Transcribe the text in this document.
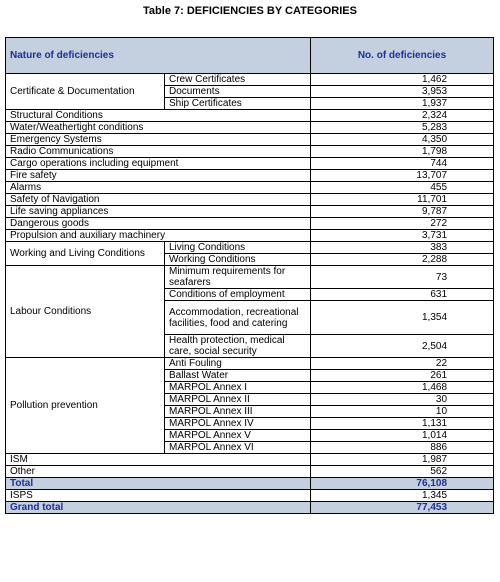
Table 7: DEFICIENCIES BY CATEGORIES
Nature of deficiencies		No. of deficiencies
Certificate & Documentation	Crew Certificates	1,462
	Documents	3,953
	Ship Certificates	1,937
Structural Conditions		2,324
Water/Weathertight conditions		5,283
Emergency Systems		4,350
Radio Communications		1,798
Cargo operations including equipment		744
Fire safety		13,707
Alarms		455
Safety of Navigation		11,701
Life saving appliances		9,787
Dangerous goods		272
Propulsion and auxiliary machinery		3,731
Working and Living Conditions	Living Conditions	383
	Working Conditions	2,288
Labour Conditions	Minimum requirements for seafarers	73
	Conditions of employment	631
	Accommodation, recreational facilities, food and catering	1,354
	Health protection, medical care, social security	2,504
Pollution prevention	Anti Fouling	22
	Ballast Water	261
	MARPOL Annex I	1,468
	MARPOL Annex II	30
	MARPOL Annex III	10
	MARPOL Annex IV	1,131
	MARPOL Annex V	1,014
	MARPOL Annex VI	886
ISM		1,987
Other		562
Total		76,108
ISPS		1,345
Grand total		77,453
